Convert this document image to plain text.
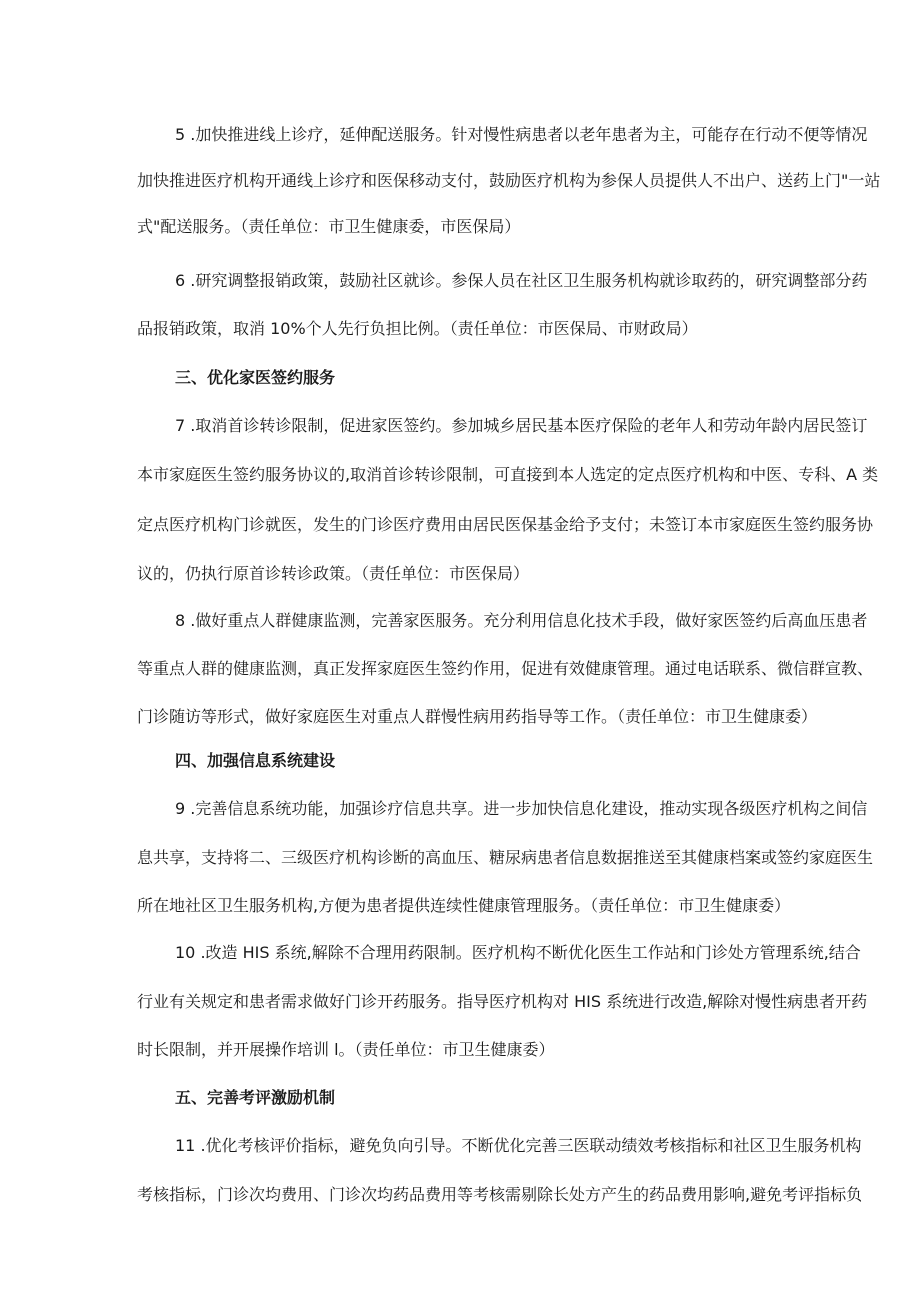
5 .加快推进线上诊疗，延伸配送服务。针对慢性病患者以老年患者为主，可能存在行动不便等情况
加快推进医疗机构开通线上诊疗和医保移动支付，鼓励医疗机构为参保人员提供人不出户、送药上门"一站
式"配送服务。（责任单位：市卫生健康委，市医保局）
6 .研究调整报销政策，鼓励社区就诊。参保人员在社区卫生服务机构就诊取药的，研究调整部分药
品报销政策，取消 10%个人先行负担比例。（责任单位：市医保局、市财政局）
三、优化家医签约服务
7 .取消首诊转诊限制，促进家医签约。参加城乡居民基本医疗保险的老年人和劳动年龄内居民签订
本市家庭医生签约服务协议的,取消首诊转诊限制，可直接到本人选定的定点医疗机构和中医、专科、A 类
定点医疗机构门诊就医，发生的门诊医疗费用由居民医保基金给予支付；未签订本市家庭医生签约服务协
议的，仍执行原首诊转诊政策。（责任单位：市医保局）
8 .做好重点人群健康监测，完善家医服务。充分利用信息化技术手段，做好家医签约后高血压患者
等重点人群的健康监测，真正发挥家庭医生签约作用，促进有效健康管理。通过电话联系、微信群宣教、
门诊随访等形式，做好家庭医生对重点人群慢性病用药指导等工作。（责任单位：市卫生健康委）
四、加强信息系统建设
9 .完善信息系统功能，加强诊疗信息共享。进一步加快信息化建设，推动实现各级医疗机构之间信
息共享，支持将二、三级医疗机构诊断的高血压、糖尿病患者信息数据推送至其健康档案或签约家庭医生
所在地社区卫生服务机构,方便为患者提供连续性健康管理服务。（责任单位：市卫生健康委）
10 .改造 HIS 系统,解除不合理用药限制。医疗机构不断优化医生工作站和门诊处方管理系统,结合
行业有关规定和患者需求做好门诊开药服务。指导医疗机构对 HIS 系统进行改造,解除对慢性病患者开药
时长限制，并开展操作培训 l。（责任单位：市卫生健康委）
五、完善考评激励机制
11 .优化考核评价指标，避免负向引导。不断优化完善三医联动绩效考核指标和社区卫生服务机构
考核指标，门诊次均费用、门诊次均药品费用等考核需剔除长处方产生的药品费用影响,避免考评指标负
